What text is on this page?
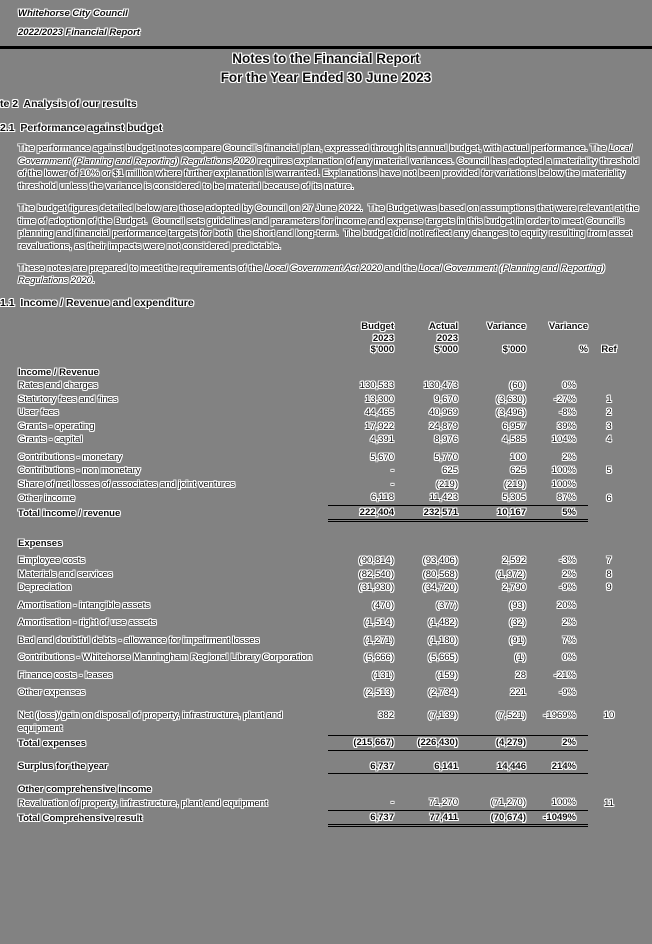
Whitehorse City Council
2022/2023 Financial Report
Notes to the Financial Report
For the Year Ended 30 June 2023
te 2  Analysis of our results
2.1  Performance against budget

The performance against budget notes compare Council's financial plan, expressed through its annual budget, with actual performance. The Local Government (Planning and Reporting) Regulations 2020 requires explanation of any material variances. Council has adopted a materiality threshold of the lower of 10% or $1 million where further explanation is warranted. Explanations have not been provided for variations below the materiality threshold unless the variance is considered to be material because of its nature.

The budget figures detailed below are those adopted by Council on 27 June 2022.  The Budget was based on assumptions that were relevant at the time of adoption of the Budget.  Council sets guidelines and parameters for income and expense targets in this budget in order to meet Council's planning and financial performance targets for both  the short and long-term.  The budget did not reflect any changes to equity resulting from asset revaluations, as their impacts were not considered predictable.

These notes are prepared to meet the requirements of the Local Government Act 2020 and the Local Government (Planning and Reporting) Regulations 2020.

1.1  Income / Revenue and expenditure
	Budget	Actual	Variance	Variance	
	2023	2023			
	$'000	$'000	$'000	%	Ref

Income / Revenue					
Rates and charges	130,533	130,473	(60)	0%	
Statutory fees and fines	13,300	9,670	(3,630)	-27%	1
User fees	44,465	40,969	(3,496)	-8%	2
Grants - operating	17,922	24,879	6,957	39%	3
Grants - capital	4,391	8,976	4,585	104%	4
Contributions - monetary	5,670	5,770	100	2%	
Contributions - non monetary	-	625	625	100%	5
Share of net losses of associates and joint ventures	-	(219)	(219)	100%	
Other income	6,118	11,423	5,305	87%	6
Total income / revenue	222,404	232,571	10,167	5%	
Expenses					
Employee costs	(90,814)	(93,406)	2,592	-3%	7
Materials and services	(82,540)	(80,568)	(1,972)	2%	8
Depreciation	(31,930)	(34,720)	2,790	-9%	9
Amortisation - intangible assets	(470)	(377)	(93)	20%	
Amortisation - right of use assets	(1,514)	(1,482)	(32)	2%	
Bad and doubtful debts - allowance for impairment losses	(1,271)	(1,180)	(91)	7%	
Contributions - Whitehorse Manningham Regional Library Corporation	(5,666)	(5,665)	(1)	0%	
Finance costs - leases	(131)	(159)	28	-21%	
Other expenses	(2,513)	(2,734)	221	-9%	
Net (loss)/gain on disposal of property, infrastructure, plant and equipment	382	(7,139)	(7,521)	-1969%	10
Total expenses	(215,667)	(226,430)	(4,279)	2%	
Surplus for the year	6,737	6,141	14,446	214%	
Other comprehensive income					
Revaluation of property, infrastructure, plant and equipment	-	71,270	(71,270)	100%	11
Total Comprehensive result	6,737	77,411	(70,674)	-1049%	
